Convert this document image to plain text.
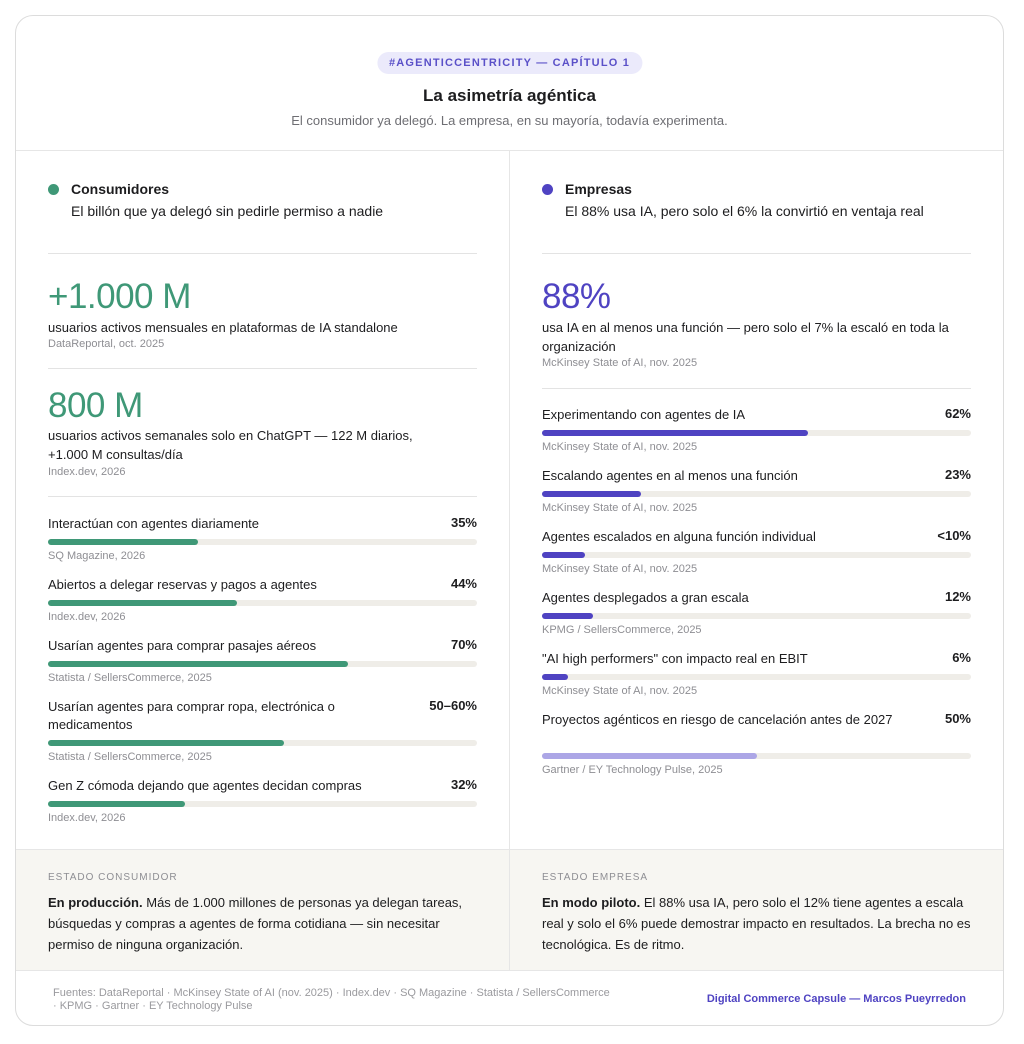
#AGENTICCENTRICITY — CAPÍTULO 1
La asimetría agéntica
El consumidor ya delegó. La empresa, en su mayoría, todavía experimenta.
Consumidores
El billón que ya delegó sin pedirle permiso a nadie
+1.000 M
usuarios activos mensuales en plataformas de IA standalone
DataReportal, oct. 2025
800 M
usuarios activos semanales solo en ChatGPT — 122 M diarios, +1.000 M consultas/día
Index.dev, 2026
Interactúan con agentes diariamente	35%
SQ Magazine, 2026
Abiertos a delegar reservas y pagos a agentes	44%
Index.dev, 2026
Usarían agentes para comprar pasajes aéreos	70%
Statista / SellersCommerce, 2025
Usarían agentes para comprar ropa, electrónica o medicamentos
50–60%
Statista / SellersCommerce, 2025
Gen Z cómoda dejando que agentes decidan compras	32%
Index.dev, 2026
Empresas
El 88% usa IA, pero solo el 6% la convirtió en ventaja real
88%
usa IA en al menos una función — pero solo el 7% la escaló en toda la organización
McKinsey State of AI, nov. 2025
Experimentando con agentes de IA	62%
McKinsey State of AI, nov. 2025
Escalando agentes en al menos una función	23%
McKinsey State of AI, nov. 2025
Agentes escalados en alguna función individual	<10%
McKinsey State of AI, nov. 2025
Agentes desplegados a gran escala	12%
KPMG / SellersCommerce, 2025
"AI high performers" con impacto real en EBIT	6%
McKinsey State of AI, nov. 2025
Proyectos agénticos en riesgo de cancelación antes de 2027	50%
Gartner / EY Technology Pulse, 2025
ESTADO CONSUMIDOR
En producción. Más de 1.000 millones de personas ya delegan tareas, búsquedas y compras a agentes de forma cotidiana — sin necesitar permiso de ninguna organización.
ESTADO EMPRESA
En modo piloto. El 88% usa IA, pero solo el 12% tiene agentes a escala real y solo el 6% puede demostrar impacto en resultados. La brecha no es tecnológica. Es de ritmo.
Fuentes: DataReportal · McKinsey State of AI (nov. 2025) · Index.dev · SQ Magazine · Statista / SellersCommerce · KPMG · Gartner · EY Technology Pulse
Digital Commerce Capsule — Marcos Pueyrredon
